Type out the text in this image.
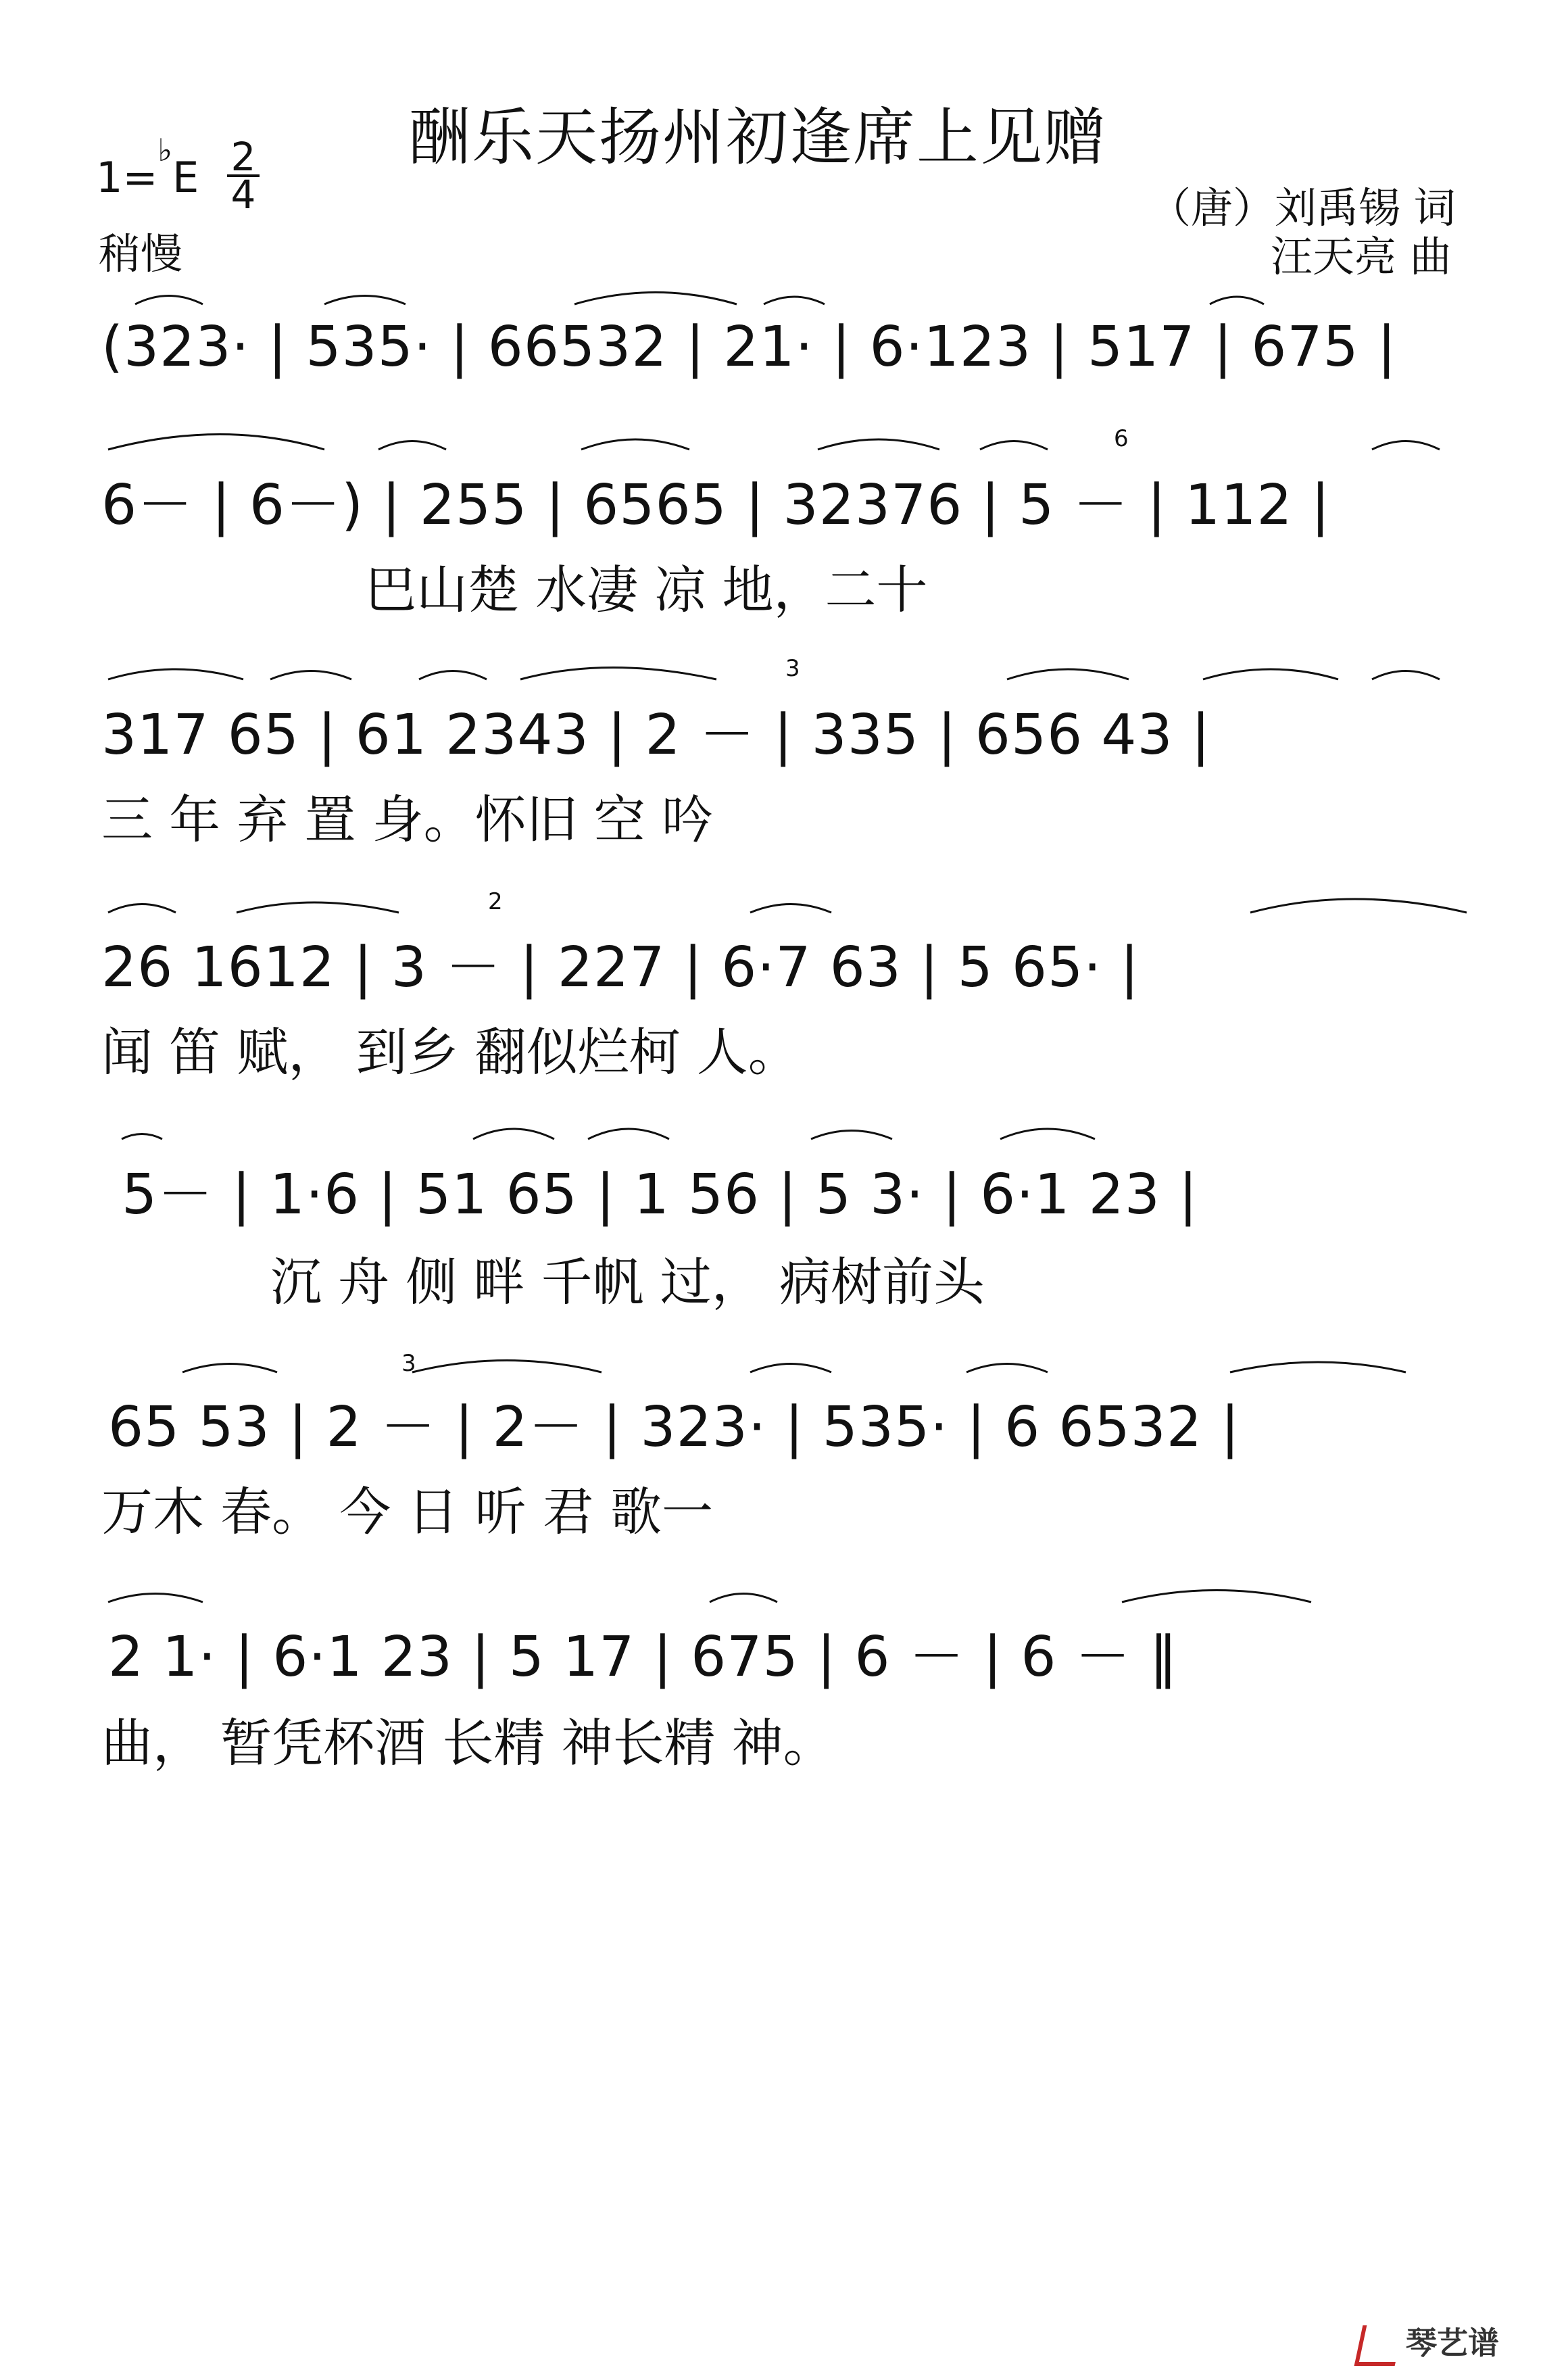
酬乐天扬州初逢席上见赠
1=♭E 2
4
稍慢
（唐）刘禹锡 词
汪天亮 曲
(323· | 535· | 66532 | 21· | 6·123 | 517 | 675 |
6－ | 6－) | 255 | 6565 | 32376 | 5 － | 112 |
巴山楚 水凄 凉 地，二十
317 65 | 61 2343 | 2 － | 335 | 656 43 |
三 年 弃 置 身。怀旧 空 吟
26 1612 | 3 － | 227 | 6·7 63 | 5 65· |
闻 笛 赋， 到乡 翻似烂柯 人。
5－ | 1·6 | 51 65 | 1 56 | 5 3· | 6·1 23 |
沉 舟 侧 畔 千帆 过， 病树前头
65 53 | 2 － | 2－ | 323· | 535· | 6 6532 |
万木 春。 今 日 听 君 歌一
2 1· | 6·1 23 | 5 17 | 675 | 6 － | 6 － ‖
曲， 暂凭杯酒 长精 神长精 神。
6
3
2
3
琴艺谱
